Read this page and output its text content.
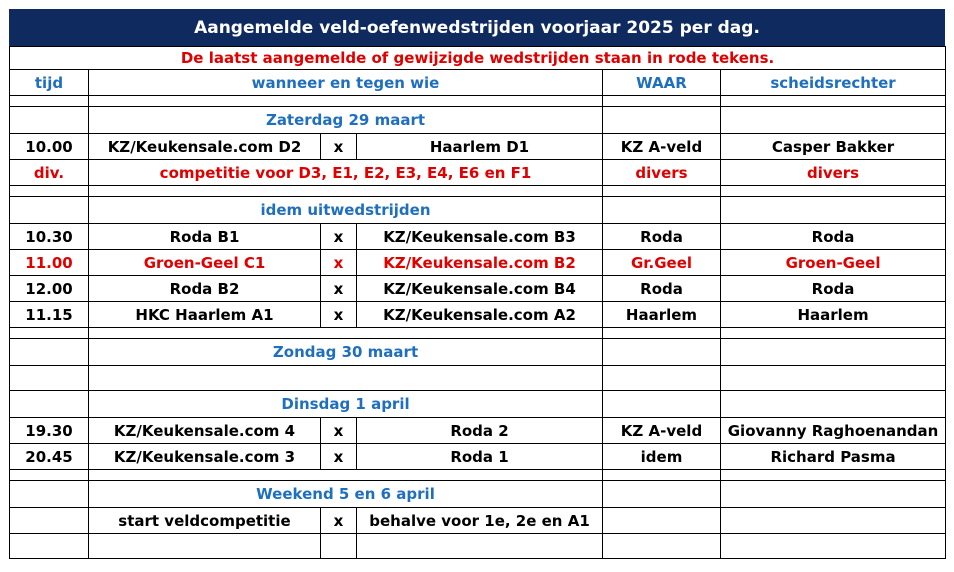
Aangemelde veld-oefenwedstrijden voorjaar 2025 per dag.
De laatst aangemelde of gewijzigde wedstrijden staan in rode tekens.					
tijd	wanneer en tegen wie			WAAR	scheidsrechter

	Zaterdag 29 maart				
10.00	KZ/Keukensale.com D2	x	Haarlem D1	KZ A-veld	Casper Bakker
div.	competitie voor D3, E1, E2, E3, E4, E6 en F1			divers	divers

	idem uitwedstrijden				
10.30	Roda B1	x	KZ/Keukensale.com B3	Roda	Roda
11.00	Groen-Geel C1	x	KZ/Keukensale.com B2	Gr.Geel	Groen-Geel
12.00	Roda B2	x	KZ/Keukensale.com B4	Roda	Roda
11.15	HKC Haarlem A1	x	KZ/Keukensale.com A2	Haarlem	Haarlem

	Zondag 30 maart				

	Dinsdag 1 april				
19.30	KZ/Keukensale.com 4	x	Roda 2	KZ A-veld	Giovanny Raghoenandan
20.45	KZ/Keukensale.com 3	x	Roda 1	idem	Richard Pasma

	Weekend 5 en 6 april				
	start veldcompetitie	x	behalve voor 1e, 2e en A1		
